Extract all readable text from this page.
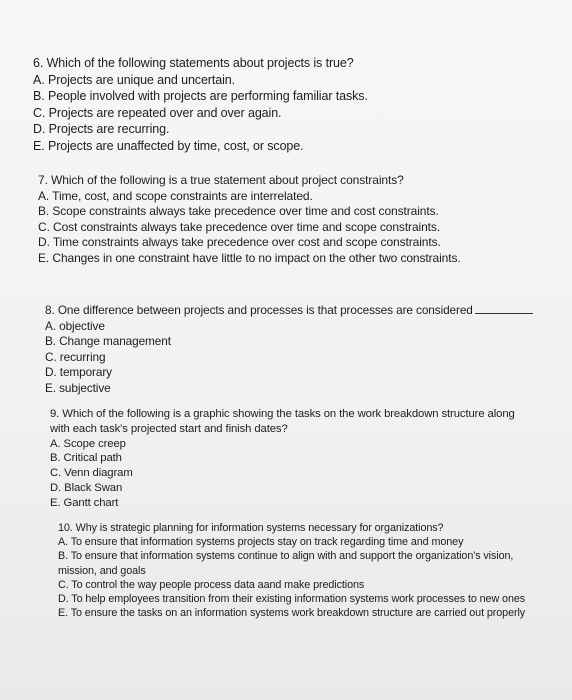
6. Which of the following statements about projects is true?
A. Projects are unique and uncertain.
B. People involved with projects are performing familiar tasks.
C. Projects are repeated over and over again.
D. Projects are recurring.
E. Projects are unaffected by time, cost, or scope.
7. Which of the following is a true statement about project constraints?
A. Time, cost, and scope constraints are interrelated.
B. Scope constraints always take precedence over time and cost constraints.
C. Cost constraints always take precedence over time and scope constraints.
D. Time constraints always take precedence over cost and scope constraints.
E. Changes in one constraint have little to no impact on the other two constraints.
8. One difference between projects and processes is that processes are considered
A. objective
B. Change management
C. recurring
D. temporary
E. subjective
9. Which of the following is a graphic showing the tasks on the work breakdown structure along with each task's projected start and finish dates?
A. Scope creep
B. Critical path
C. Venn diagram
D. Black Swan
E. Gantt chart
10. Why is strategic planning for information systems necessary for organizations?
A. To ensure that information systems projects stay on track regarding time and money
B. To ensure that information systems continue to align with and support the organization's vision, mission, and goals
C. To control the way people process data aand make predictions
D. To help employees transition from their existing information systems work processes to new ones
E. To ensure the tasks on an information systems work breakdown structure are carried out properly
